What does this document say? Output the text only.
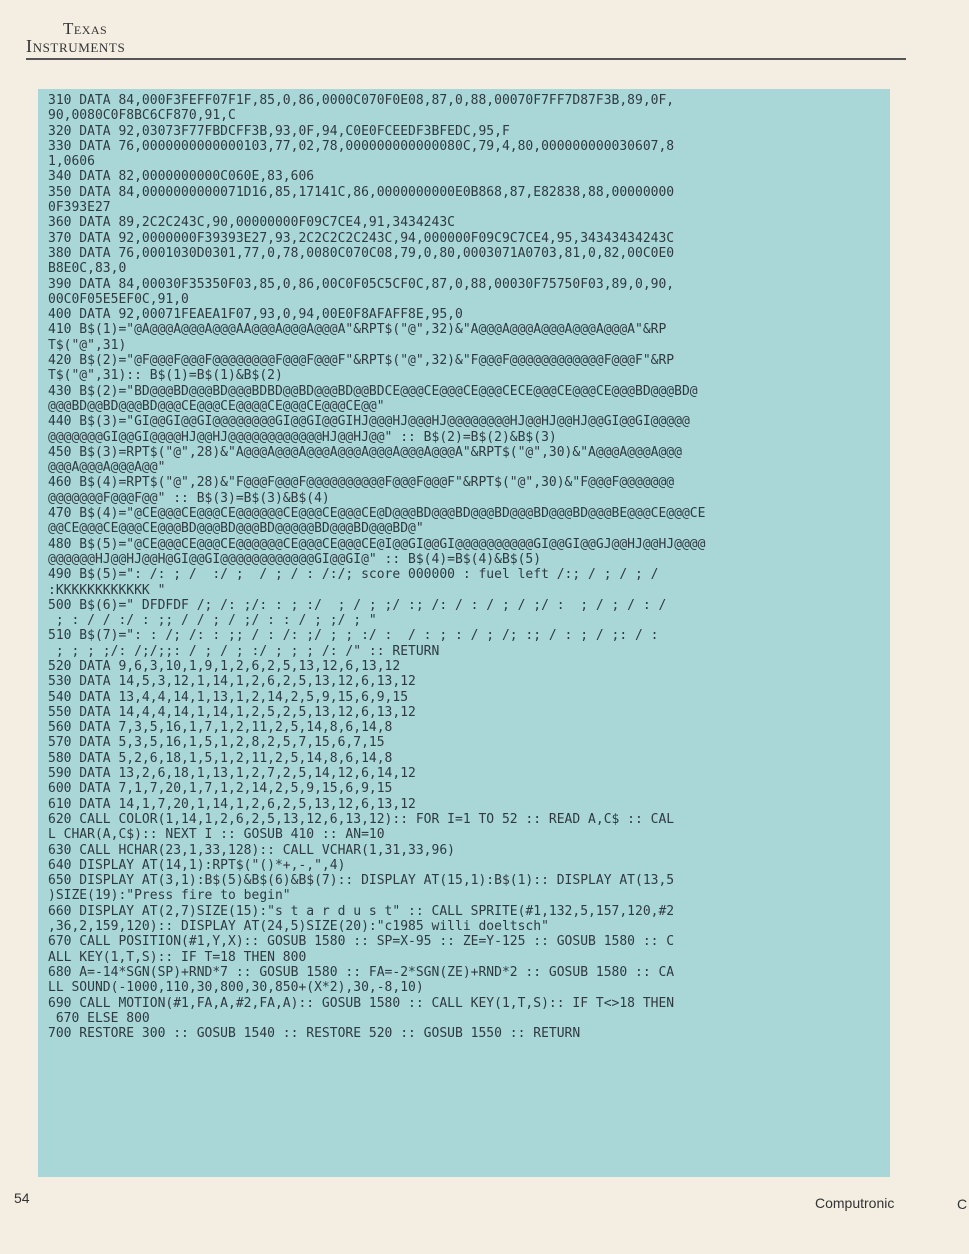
Texas
Instruments
310 DATA 84,000F3FEFF07F1F,85,0,86,0000C070F0E08,87,0,88,00070F7FF7D87F3B,89,0F,
90,0080C0F8BC6CF870,91,C
320 DATA 92,03073F77FBDCFF3B,93,0F,94,C0E0FCEEDF3BFEDC,95,F
330 DATA 76,0000000000000103,77,02,78,000000000000080C,79,4,80,000000000030607,8
1,0606
340 DATA 82,0000000000C060E,83,606
350 DATA 84,0000000000071D16,85,17141C,86,0000000000E0B868,87,E82838,88,00000000
0F393E27
360 DATA 89,2C2C243C,90,00000000F09C7CE4,91,3434243C
370 DATA 92,0000000F39393E27,93,2C2C2C2C243C,94,000000F09C9C7CE4,95,34343434243C
380 DATA 76,0001030D0301,77,0,78,0080C070C08,79,0,80,0003071A0703,81,0,82,00C0E0
B8E0C,83,0
390 DATA 84,00030F35350F03,85,0,86,00C0F05C5CF0C,87,0,88,00030F75750F03,89,0,90,
00C0F05E5EF0C,91,0
400 DATA 92,00071FEAEA1F07,93,0,94,00E0F8AFAFF8E,95,0
410 B$(1)="@A@@@A@@@A@@@AA@@@A@@@A@@@A"&RPT$("@",32)&"A@@@A@@@A@@@A@@@A@@@A"&RP
T$("@",31)
420 B$(2)="@F@@@F@@@F@@@@@@@@F@@@F@@@F"&RPT$("@",32)&"F@@@F@@@@@@@@@@@@F@@@F"&RP
T$("@",31):: B$(1)=B$(1)&B$(2)
430 B$(2)="BD@@@BD@@@BD@@@BDBD@@BD@@@BD@@BDCE@@@CE@@@CE@@@CECE@@@CE@@@CE@@@BD@@@BD@
@@@BD@@BD@@@BD@@@CE@@@CE@@@@CE@@@CE@@@CE@@"
440 B$(3)="GI@@GI@@GI@@@@@@@@GI@@GI@@GIHJ@@@HJ@@@HJ@@@@@@@@HJ@@HJ@@HJ@@GI@@GI@@@@@
@@@@@@@GI@@GI@@@@HJ@@HJ@@@@@@@@@@@@HJ@@HJ@@" :: B$(2)=B$(2)&B$(3)
450 B$(3)=RPT$("@",28)&"A@@@A@@@A@@@A@@@A@@@A@@@A@@@A"&RPT$("@",30)&"A@@@A@@@A@@@
@@@A@@@A@@@A@@"
460 B$(4)=RPT$("@",28)&"F@@@F@@@F@@@@@@@@@@F@@@F@@@F"&RPT$("@",30)&"F@@@F@@@@@@@
@@@@@@@F@@@F@@" :: B$(3)=B$(3)&B$(4)
470 B$(4)="@CE@@@CE@@@CE@@@@@@CE@@@CE@@@CE@D@@@BD@@@BD@@@BD@@@BD@@@BD@@@BE@@@CE@@@CE
@@CE@@@CE@@@CE@@@BD@@@BD@@@BD@@@@@BD@@@BD@@@BD@"
480 B$(5)="@CE@@@CE@@@CE@@@@@@CE@@@CE@@@CE@I@@GI@@GI@@@@@@@@@@GI@@GI@@GJ@@HJ@@HJ@@@@
@@@@@@HJ@@HJ@@H@GI@@GI@@@@@@@@@@@@GI@@GI@" :: B$(4)=B$(4)&B$(5)
490 B$(5)=": /: ; /  :/ ;  / ; / : /:/; score 000000 : fuel left /:; / ; / ; /
:KKKKKKKKKKKK "
500 B$(6)=" DFDFDF /; /: ;/: : ; :/  ; / ; ;/ :; /: / : / ; / ;/ :  ; / ; / : /
; : / / :/ : ;; / / ; / ;/ : : / ; ;/ ; "
510 B$(7)=": : /; /: : ;; / : /: ;/ ; ; :/ :  / : ; : / ; /; :; / : ; / ;: / :
; ; ; ;/: /;/;;: / ; / ; :/ ; ; ; /: /" :: RETURN
520 DATA 9,6,3,10,1,9,1,2,6,2,5,13,12,6,13,12
530 DATA 14,5,3,12,1,14,1,2,6,2,5,13,12,6,13,12
540 DATA 13,4,4,14,1,13,1,2,14,2,5,9,15,6,9,15
550 DATA 14,4,4,14,1,14,1,2,5,2,5,13,12,6,13,12
560 DATA 7,3,5,16,1,7,1,2,11,2,5,14,8,6,14,8
570 DATA 5,3,5,16,1,5,1,2,8,2,5,7,15,6,7,15
580 DATA 5,2,6,18,1,5,1,2,11,2,5,14,8,6,14,8
590 DATA 13,2,6,18,1,13,1,2,7,2,5,14,12,6,14,12
600 DATA 7,1,7,20,1,7,1,2,14,2,5,9,15,6,9,15
610 DATA 14,1,7,20,1,14,1,2,6,2,5,13,12,6,13,12
620 CALL COLOR(1,14,1,2,6,2,5,13,12,6,13,12):: FOR I=1 TO 52 :: READ A,C$ :: CAL
L CHAR(A,C$):: NEXT I :: GOSUB 410 :: AN=10
630 CALL HCHAR(23,1,33,128):: CALL VCHAR(1,31,33,96)
640 DISPLAY AT(14,1):RPT$("()*+,-,",4)
650 DISPLAY AT(3,1):B$(5)&B$(6)&B$(7):: DISPLAY AT(15,1):B$(1):: DISPLAY AT(13,5
)SIZE(19):"Press fire to begin"
660 DISPLAY AT(2,7)SIZE(15):"s t a r d u s t" :: CALL SPRITE(#1,132,5,157,120,#2
,36,2,159,120):: DISPLAY AT(24,5)SIZE(20):"c1985 willi doeltsch"
670 CALL POSITION(#1,Y,X):: GOSUB 1580 :: SP=X-95 :: ZE=Y-125 :: GOSUB 1580 :: C
ALL KEY(1,T,S):: IF T=18 THEN 800
680 A=-14*SGN(SP)+RND*7 :: GOSUB 1580 :: FA=-2*SGN(ZE)+RND*2 :: GOSUB 1580 :: CA
LL SOUND(-1000,110,30,800,30,850+(X*2),30,-8,10)
690 CALL MOTION(#1,FA,A,#2,FA,A):: GOSUB 1580 :: CALL KEY(1,T,S):: IF T<>18 THEN
670 ELSE 800
700 RESTORE 300 :: GOSUB 1540 :: RESTORE 520 :: GOSUB 1550 :: RETURN

54	Computronic	C
